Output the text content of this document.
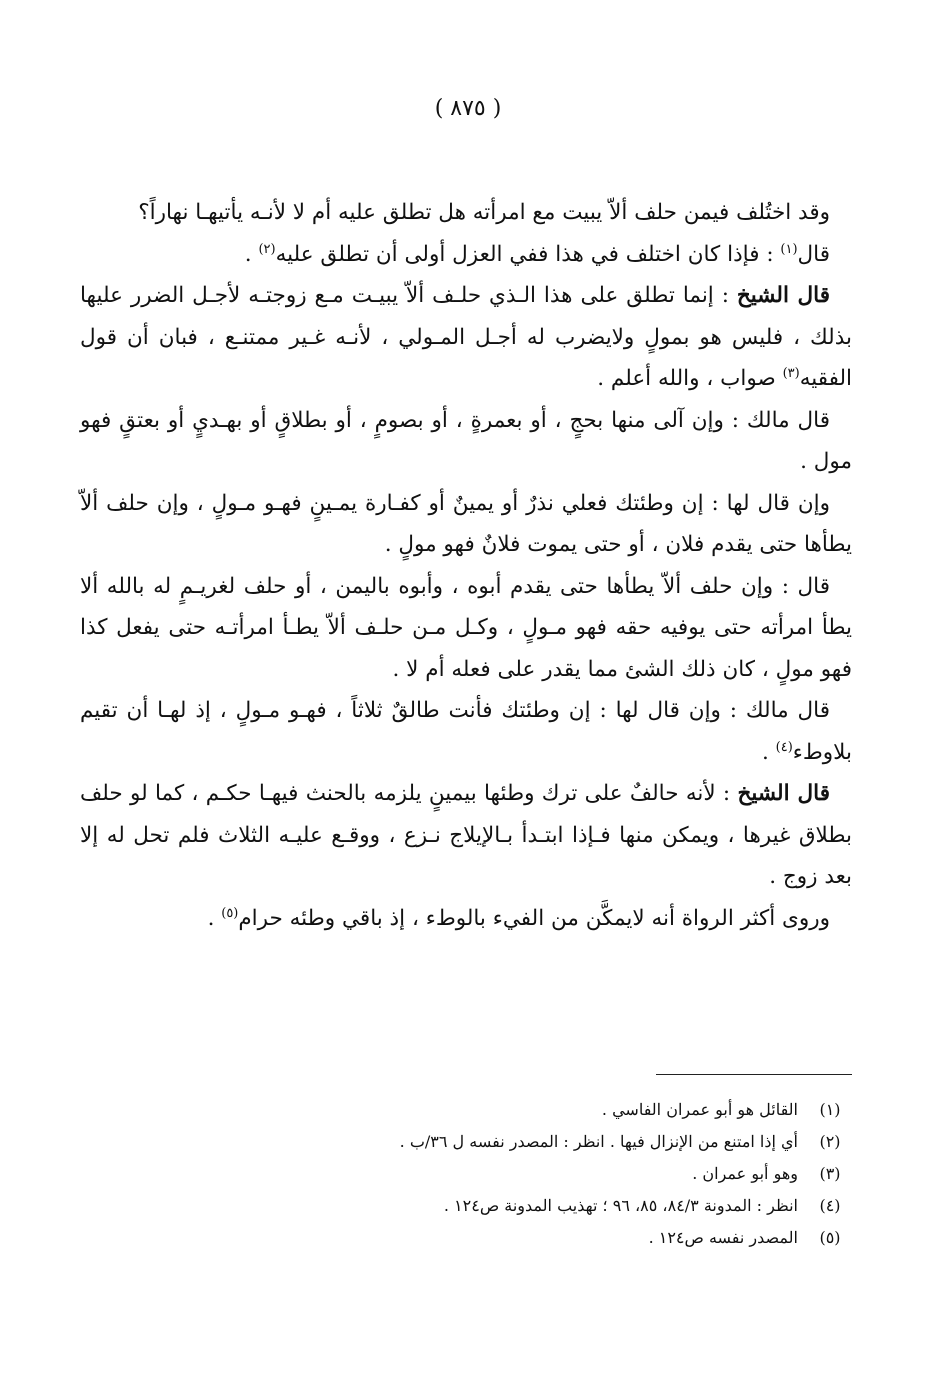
( ٨٧٥ )

وقد اختُلف فيمن حلف ألاّ يبيت مع امرأته هل تطلق عليه أم لا لأنـه يأتيهـا نهاراً؟

قال$^{(١)}$ : فإذا كان اختلف في هذا ففي العزل أولى أن تطلق عليه$^{(٢)}$ .

قال الشيخ : إنما تطلق على هذا الـذي حلـف ألاّ يبيـت مـع زوجتـه لأجـل الضرر عليها بذلك ، فليس هو بمولٍ ولايضرب له أجـل المـولي ، لأنـه غـير ممتنـع ، فبان أن قول الفقيه$^{(٣)}$ صواب ، والله أعلم .

قال مالك : وإن آلى منها بحجٍ ، أو بعمرةٍ ، أو بصومٍ ، أو بطلاقٍ أو بهـديٍ أو بعتقٍ فهو مول .

وإن قال لها : إن وطئتك فعلي نذرٌ أو يمينٌ أو كفـارة يمـينٍ فهـو مـولٍ ، وإن حلف ألاّ يطأها حتى يقدم فلان ، أو حتى يموت فلانٌ فهو مولٍ .

قال : وإن حلف ألاّ يطأها حتى يقدم أبوه ، وأبوه باليمن ، أو حلف لغريـمٍ له بالله ألا يطأ امرأته حتى يوفيه حقه فهو مـولٍ ، وكـل مـن حلـف ألاّ يطـأ امرأتـه حتى يفعل كذا فهو مولٍ ، كان ذلك الشئ مما يقدر على فعله أم لا .

قال مالك : وإن قال لها : إن وطئتك فأنت طالقٌ ثلاثاً ، فهـو مـولٍ ، إذ لهـا أن تقيم بلاوطء$^{(٤)}$ .

قال الشيخ : لأنه حالفٌ على ترك وطئها بيمينٍ يلزمه بالحنث فيهـا حكـم ، كما لو حلف بطلاق غيرها ، ويمكن منها فـإذا ابتـدأ بـالإيلاج نـزع ، ووقـع عليـه الثلاث فلم تحل له إلا بعد زوج .

وروى أكثر الرواة أنه لايمكَّن من الفيء بالوطء ، إذ باقي وطئه حرام$^{(٥)}$ .

(١)
القائل هو أبو عمران الفاسي .
(٢)
أي إذا امتنع من الإنزال فيها . انظر : المصدر نفسه ل ٣٦/ب .
(٣)
وهو أبو عمران .
(٤)
انظر : المدونة ٨٤/٣، ٨٥، ٩٦ ؛ تهذيب المدونة ص١٢٤ .
(٥)
المصدر نفسه ص١٢٤ .
